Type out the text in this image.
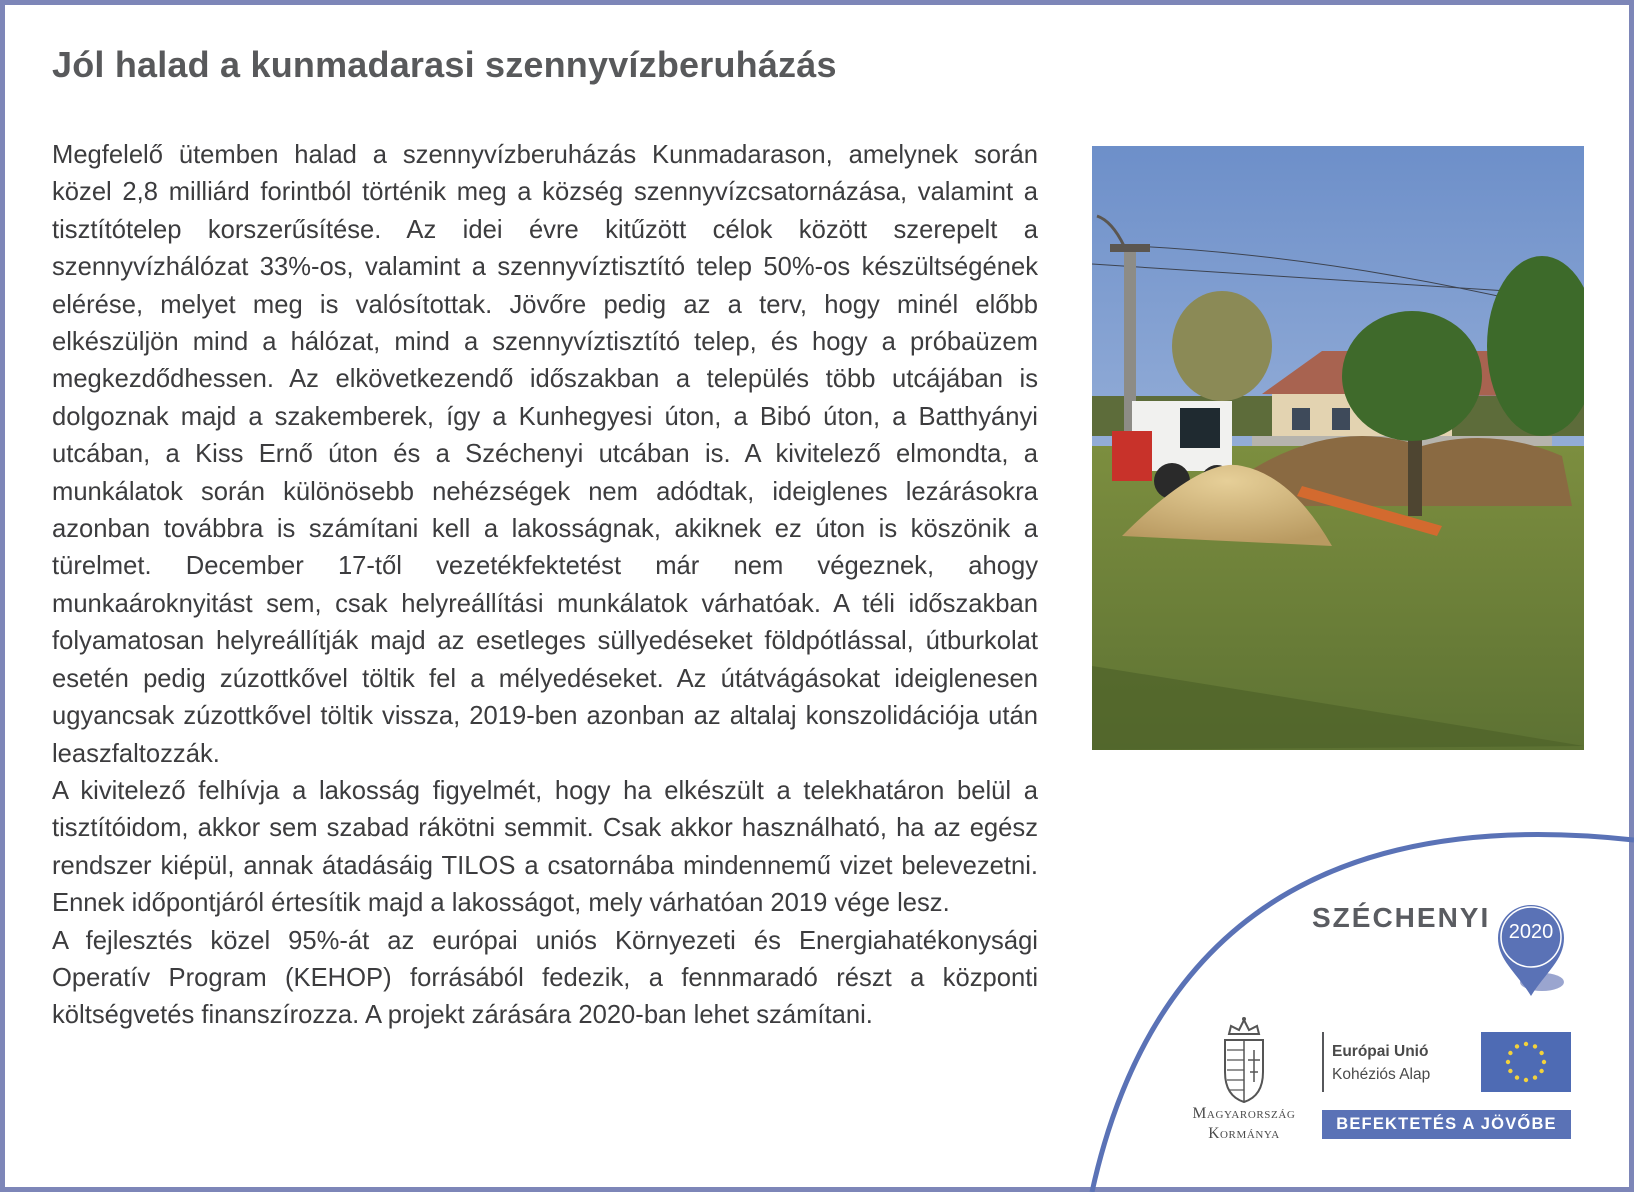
Jól halad a kunmadarasi szennyvízberuházás

Megfelelő ütemben halad a szennyvízberuházás Kunmadarason, amelynek során közel 2,8 milliárd forintból történik meg a község szennyvízcsatornázása, valamint a tisztítótelep korszerűsítése. Az idei évre kitűzött célok között szerepelt a szennyvízhálózat 33%-os, valamint a szennyvíztisztító telep 50%-os készültségének elérése, melyet meg is valósítottak. Jövőre pedig az a terv, hogy minél előbb elkészüljön mind a hálózat, mind a szennyvíztisztító telep, és hogy a próbaüzem megkezdődhessen. Az elkövetkezendő időszakban a település több utcájában is dolgoznak majd a szakemberek, így a Kunhegyesi úton, a Bibó úton, a Batthyányi utcában, a Kiss Ernő úton és a Széchenyi utcában is. A kivitelező elmondta, a munkálatok során különösebb nehézségek nem adódtak, ideiglenes lezárásokra azonban továbbra is számítani kell a lakosságnak, akiknek ez úton is köszönik a türelmet. December 17-től vezetékfektetést már nem végeznek, ahogy munkaároknyitást sem, csak helyreállítási munkálatok várhatóak. A téli időszakban folyamatosan helyreállítják majd az esetleges süllyedéseket földpótlással, útburkolat esetén pedig zúzottkővel töltik fel a mélyedéseket. Az útátvágásokat ideiglenesen ugyancsak zúzottkővel töltik vissza, 2019-ben azonban az altalaj konszolidációja után leaszfaltozzák.

A kivitelező felhívja a lakosság figyelmét, hogy ha elkészült a telekhatáron belül a tisztítóidom, akkor sem szabad rákötni semmit. Csak akkor használható, ha az egész rendszer kiépül, annak átadásáig TILOS a csatornába mindennemű vizet belevezetni. Ennek időpontjáról értesítik majd a lakosságot, mely várhatóan 2019 vége lesz.

A fejlesztés közel 95%-át az európai uniós Környezeti és Energiahatékonysági Operatív Program (KEHOP) forrásából fedezik, a fennmaradó részt a központi költségvetés finanszírozza. A projekt zárására 2020-ban lehet számítani.

SZÉCHENYI 2020
Magyarország
Kormánya
Európai Unió
Kohéziós Alap
BEFEKTETÉS A JÖVŐBE
